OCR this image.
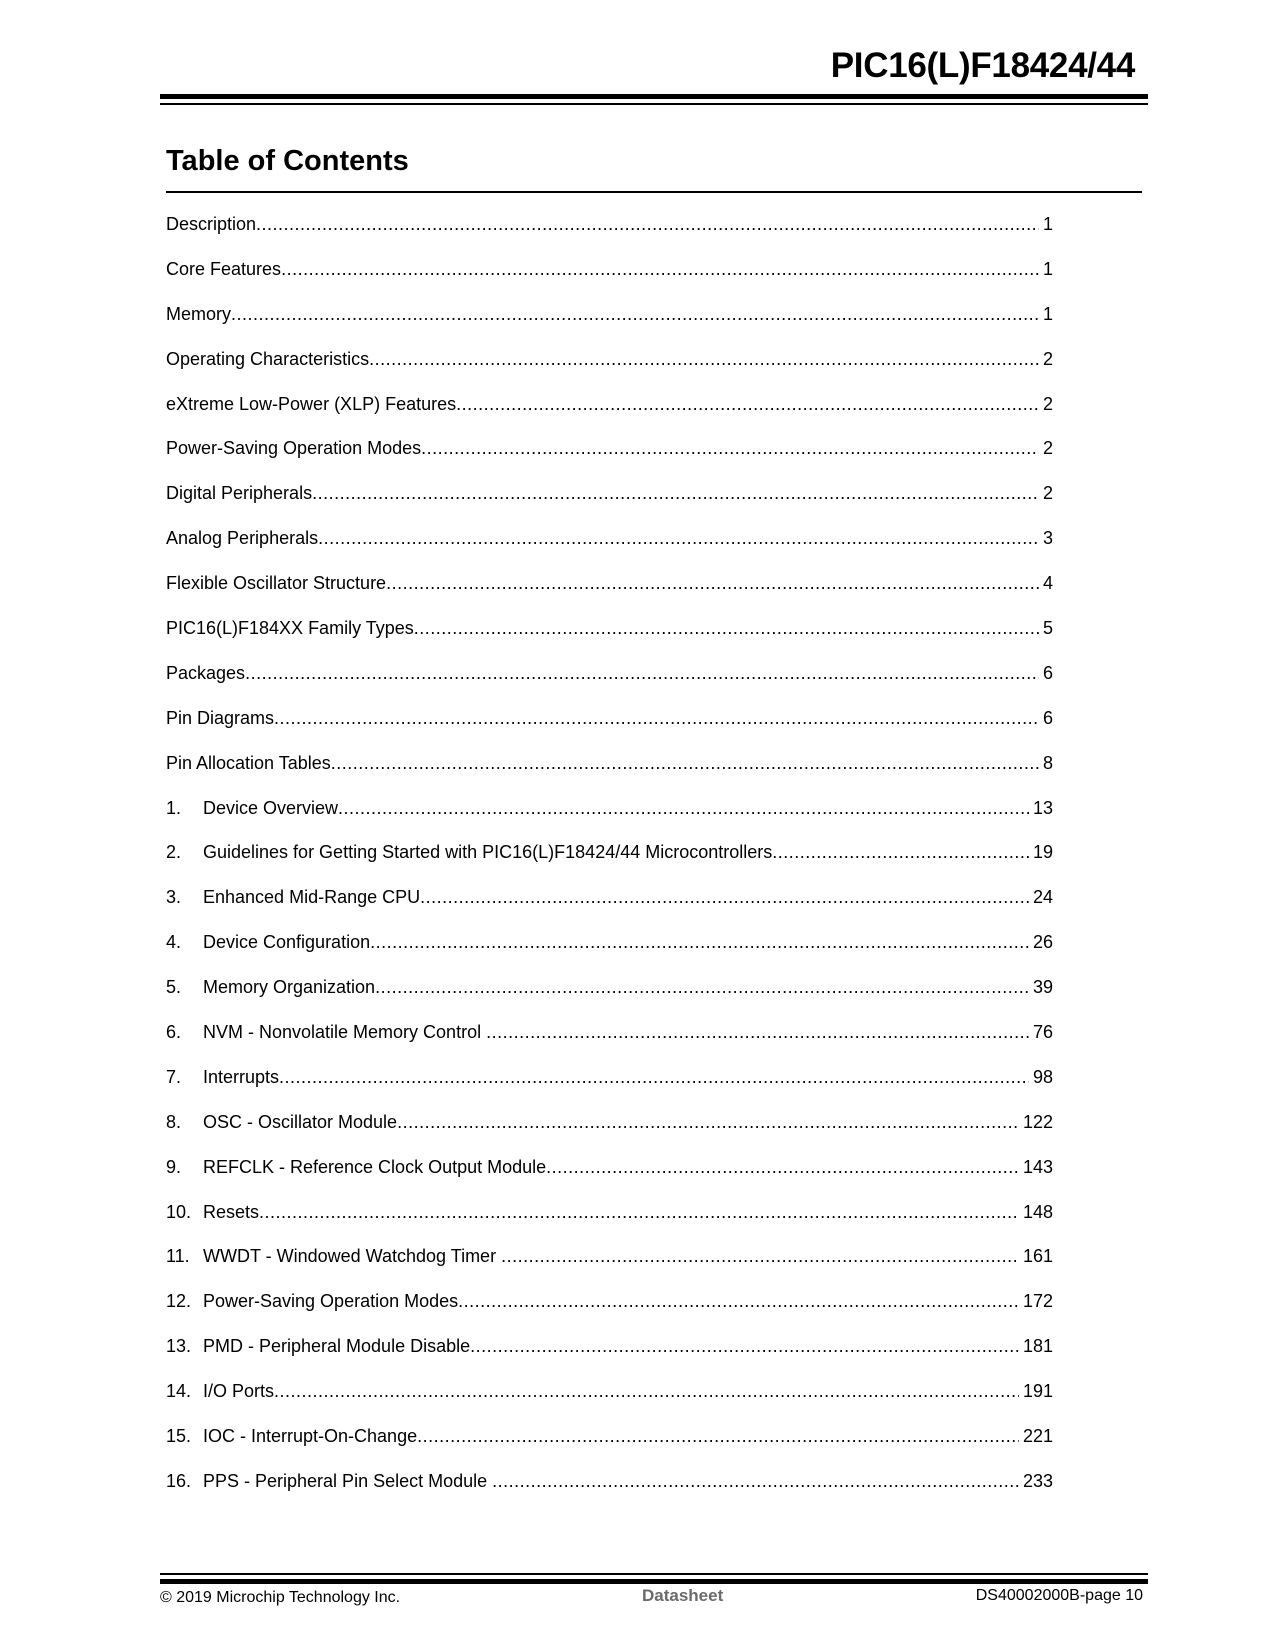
PIC16(L)F18424/44
Table of Contents
Description .....	1
Core Features .....	1
Memory .....	1
Operating Characteristics .....	2
eXtreme Low-Power (XLP) Features .....	2
Power-Saving Operation Modes .....	2
Digital Peripherals .....	2
Analog Peripherals .....	3
Flexible Oscillator Structure .....	4
PIC16(L)F184XX Family Types .....	5
Packages .....	6
Pin Diagrams .....	6
Pin Allocation Tables .....	8
1.	Device Overview .....	13
2.	Guidelines for Getting Started with PIC16(L)F18424/44 Microcontrollers .....	19
3.	Enhanced Mid-Range CPU .....	24
4.	Device Configuration .....	26
5.	Memory Organization .....	39
6.	NVM - Nonvolatile Memory Control .....	76
7.	Interrupts .....	98
8.	OSC - Oscillator Module .....	122
9.	REFCLK - Reference Clock Output Module .....	143
10. Resets .....	148
11. WWDT - Windowed Watchdog Timer .....	161
12. Power-Saving Operation Modes .....	172
13. PMD - Peripheral Module Disable .....	181
14. I/O Ports .....	191
15. IOC - Interrupt-On-Change .....	221
16. PPS - Peripheral Pin Select Module .....	233
© 2019 Microchip Technology Inc.	Datasheet	DS40002000B-page 10
